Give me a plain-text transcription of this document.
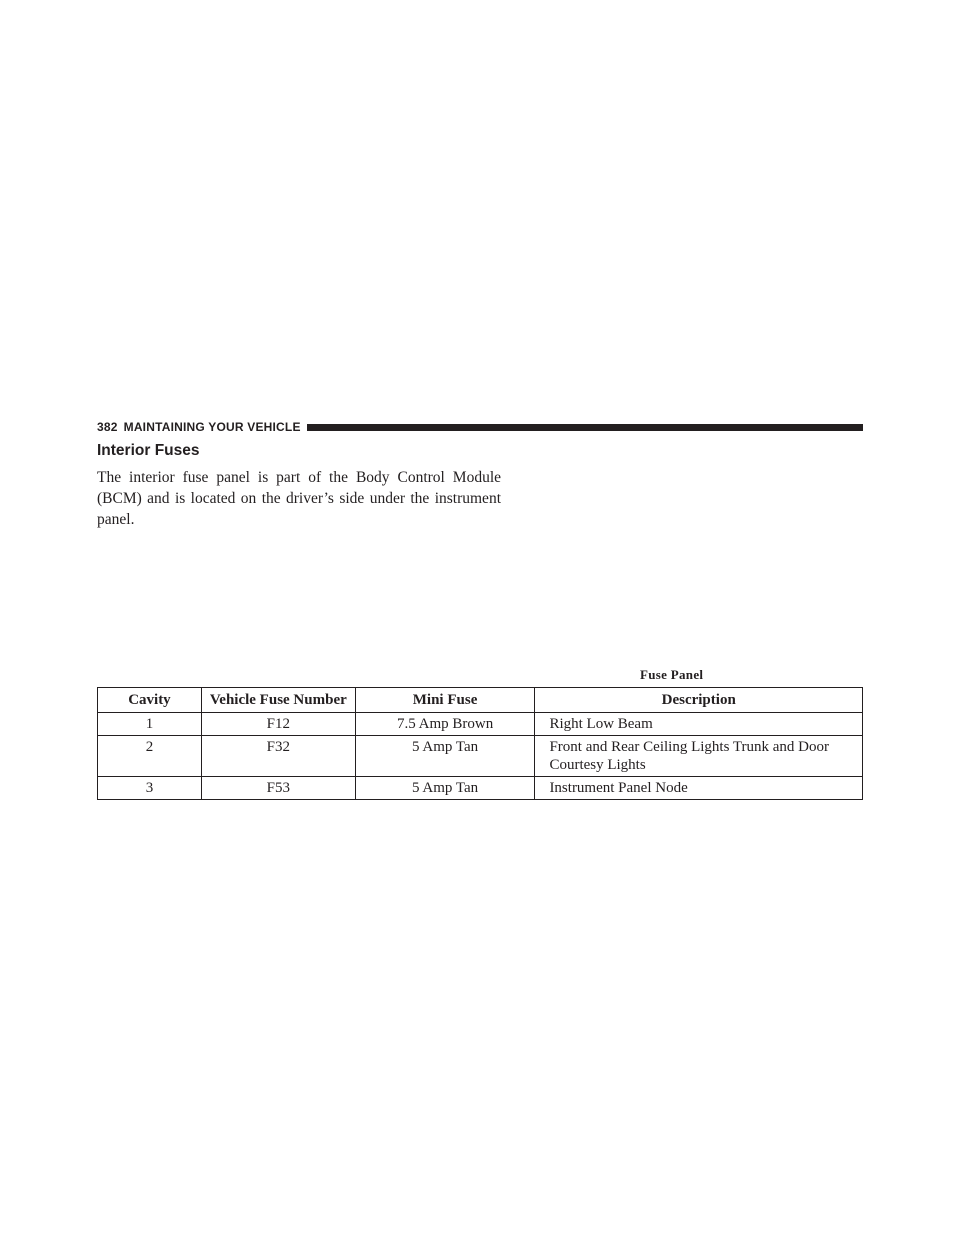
382 MAINTAINING YOUR VEHICLE
Interior Fuses

The interior fuse panel is part of the Body Control Module (BCM) and is located on the driver’s side under the instrument panel.

Fuse Panel
Cavity	Vehicle Fuse Number	Mini Fuse	Description
1	F12	7.5 Amp Brown	Right Low Beam
2	F32	5 Amp Tan	Front and Rear Ceiling Lights Trunk and Door Courtesy Lights
3	F53	5 Amp Tan	Instrument Panel Node
